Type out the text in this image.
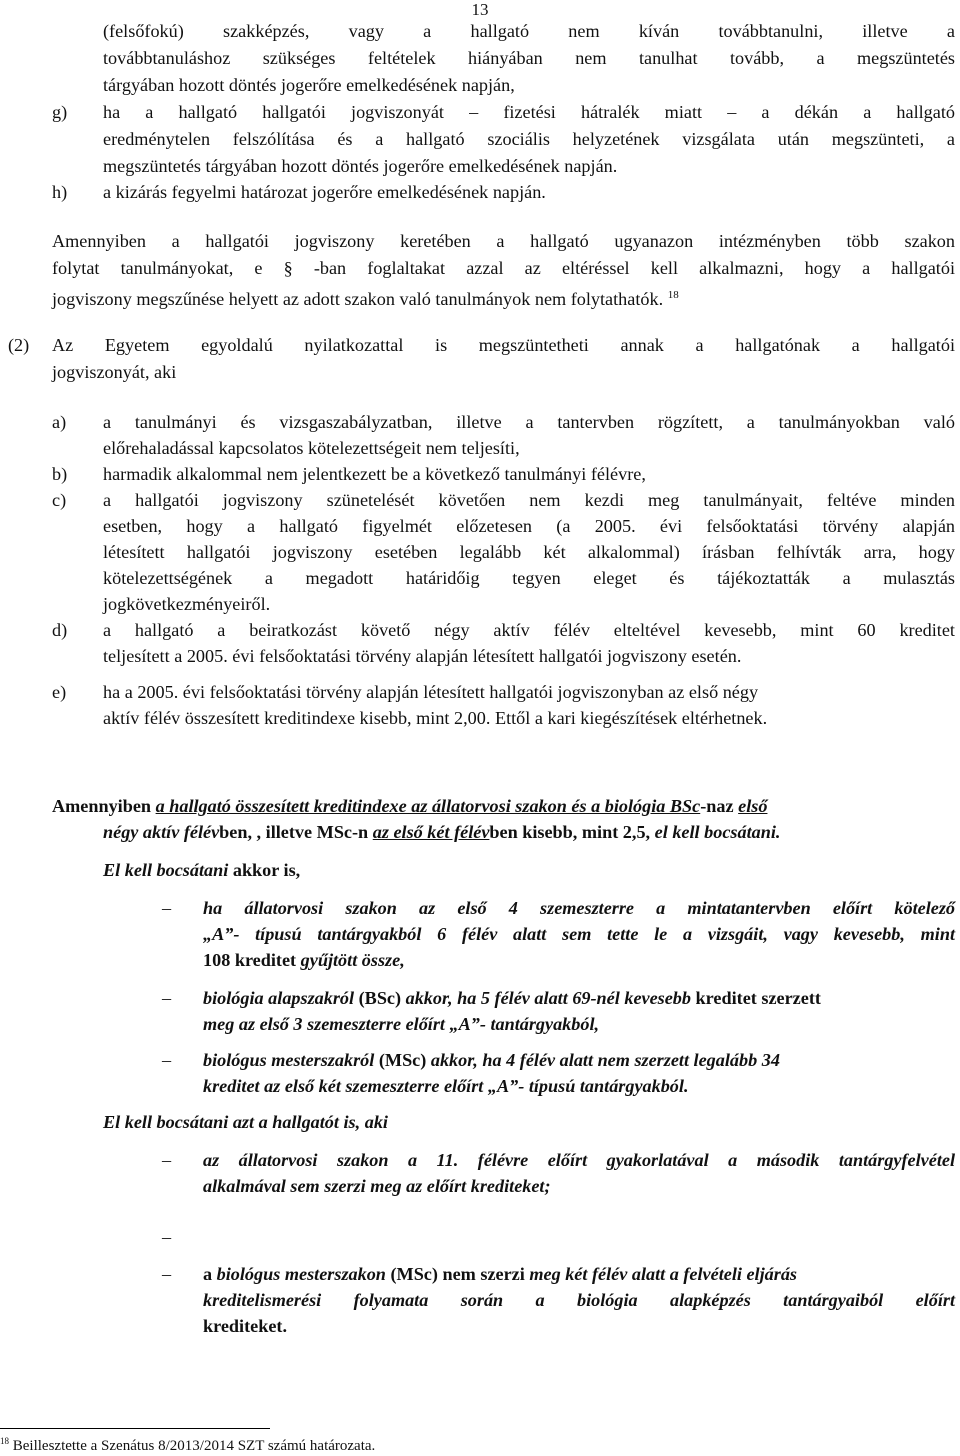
13
(felsőfokú) szakképzés, vagy a hallgató nem kíván továbbtanulni, illetve a
továbbtanuláshoz szükséges feltételek hiányában nem tanulhat tovább, a megszüntetés
tárgyában hozott döntés jogerőre emelkedésének napján,
g) ha a hallgató hallgatói jogviszonyát – fizetési hátralék miatt – a dékán a hallgató
eredménytelen felszólítása és a hallgató szociális helyzetének vizsgálata után megszünteti, a
megszüntetés tárgyában hozott döntés jogerőre emelkedésének napján.
h) a kizárás fegyelmi határozat jogerőre emelkedésének napján.
Amennyiben a hallgatói jogviszony keretében a hallgató ugyanazon intézményben több szakon
folytat tanulmányokat, e § -ban foglaltakat azzal az eltéréssel kell alkalmazni, hogy a hallgatói
jogviszony megszűnése helyett az adott szakon való tanulmányok nem folytathatók. $^{18}$
(2) Az Egyetem egyoldalú nyilatkozattal is megszüntetheti annak a hallgatónak a hallgatói
jogviszonyát, aki
a) a tanulmányi és vizsgaszabályzatban, illetve a tantervben rögzített, a tanulmányokban való
előrehaladással kapcsolatos kötelezettségeit nem teljesíti,
b) harmadik alkalommal nem jelentkezett be a következő tanulmányi félévre,
c) a hallgatói jogviszony szünetelését követően nem kezdi meg tanulmányait, feltéve minden
esetben, hogy a hallgató figyelmét előzetesen (a 2005. évi felsőoktatási törvény alapján
létesített hallgatói jogviszony esetében legalább két alkalommal) írásban felhívták arra, hogy
kötelezettségének a megadott határidőig tegyen eleget és tájékoztatták a mulasztás
jogkövetkezményeiről.
d) a hallgató a beiratkozást követő négy aktív félév elteltével kevesebb, mint 60 kreditet
teljesített a 2005. évi felsőoktatási törvény alapján létesített hallgatói jogviszony esetén.
e) ha a 2005. évi felsőoktatási törvény alapján létesített hallgatói jogviszonyban az első négy
aktív félév összesített kreditindexe kisebb, mint 2,00. Ettől a kari kiegészítések eltérhetnek.
Amennyiben a hallgató összesített kreditindexe az állatorvosi szakon és a biológia BSc-naz első
négy aktív félévben, , illetve MSc-n az első két félévben kisebb, mint 2,5, el kell bocsátani.
El kell bocsátani akkor is,
– ha állatorvosi szakon az első 4 szemeszterre a mintatantervben előírt kötelező
„A”- típusú tantárgyakból 6 félév alatt sem tette le a vizsgáit, vagy kevesebb, mint
108 kreditet gyűjtött össze,
– biológia alapszakról (BSc) akkor, ha 5 félév alatt 69-nél kevesebb kreditet szerzett
meg az első 3 szemeszterre előírt „A”- tantárgyakból,
– biológus mesterszakról (MSc) akkor, ha 4 félév alatt nem szerzett legalább 34
kreditet az első két szemeszterre előírt „A”- típusú tantárgyakból.
El kell bocsátani azt a hallgatót is, aki
– az állatorvosi szakon a 11. félévre előírt gyakorlatával a második tantárgyfelvétel
alkalmával sem szerzi meg az előírt krediteket;
–
– a biológus mesterszakon (MSc) nem szerzi meg két félév alatt a felvételi eljárás
kreditelismerési folyamata során a biológia alapképzés tantárgyaiból előírt
krediteket.
$^{18}$ Beillesztette a Szenátus 8/2013/2014 SZT számú határozata.
